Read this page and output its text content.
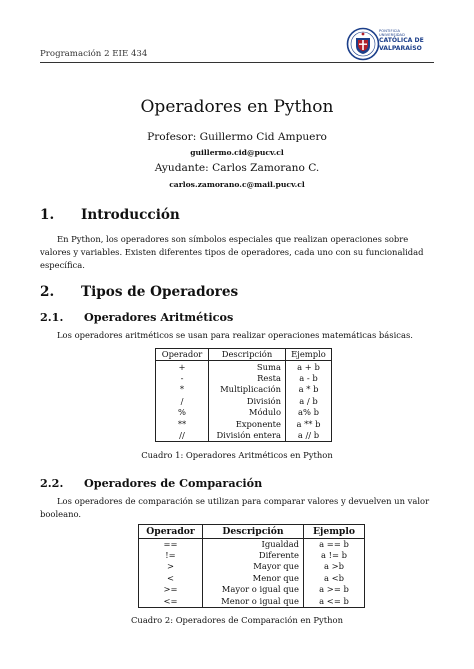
Programación 2 EIE 434
PONTIFICIA
UNIVERSIDAD
CATÓLICA DE
VALPARAÍSO
Operadores en Python
Profesor: Guillermo Cid Ampuero
guillermo.cid@pucv.cl
Ayudante: Carlos Zamorano C.
carlos.zamorano.c@mail.pucv.cl
1. Introducción
En Python, los operadores son símbolos especiales que realizan operaciones sobre valores y variables. Existen diferentes tipos de operadores, cada uno con su funcionalidad específica.
2. Tipos de Operadores
2.1. Operadores Aritméticos
Los operadores aritméticos se usan para realizar operaciones matemáticas básicas.
Operador	Descripción	Ejemplo
+	Suma	a + b
-	Resta	a - b
*	Multiplicación	a * b
/	División	a / b
%	Módulo	a% b
**	Exponente	a ** b
//	División entera	a // b
Cuadro 1: Operadores Aritméticos en Python
2.2. Operadores de Comparación
Los operadores de comparación se utilizan para comparar valores y devuelven un valor booleano.
Operador	Descripción	Ejemplo
==	Igualdad	a == b
!=	Diferente	a != b
>	Mayor que	a >b
<	Menor que	a <b
>=	Mayor o igual que	a >= b
<=	Menor o igual que	a <= b
Cuadro 2: Operadores de Comparación en Python
